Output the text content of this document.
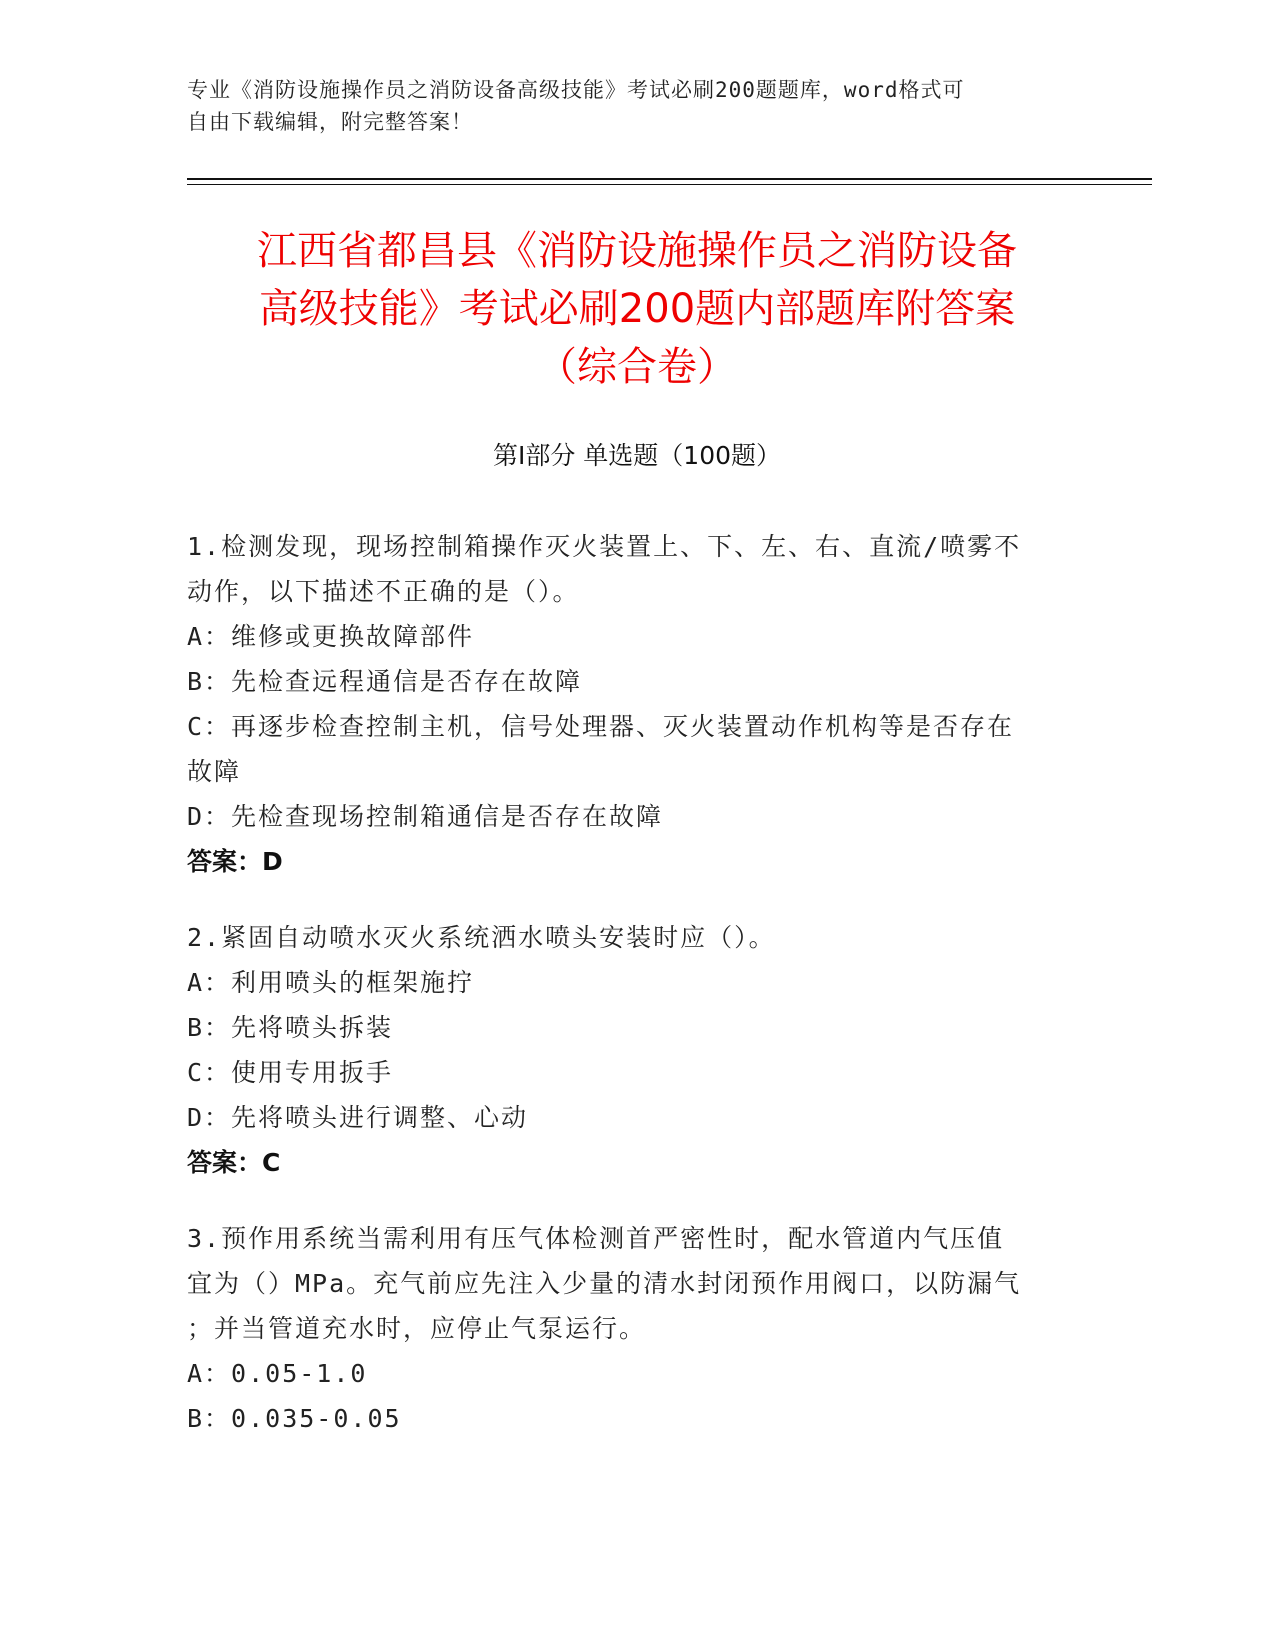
专业《消防设施操作员之消防设备高级技能》考试必刷200题题库，word格式可
自由下载编辑，附完整答案！
江西省都昌县《消防设施操作员之消防设备
高级技能》考试必刷200题内部题库附答案
（综合卷）
第Ⅰ部分 单选题（100题）
1.检测发现，现场控制箱操作灭火装置上、下、左、右、直流/喷雾不
动作，以下描述不正确的是（）。
A：维修或更换故障部件
B：先检查远程通信是否存在故障
C：再逐步检查控制主机，信号处理器、灭火装置动作机构等是否存在
故障
D：先检查现场控制箱通信是否存在故障
答案：D
2.紧固自动喷水灭火系统洒水喷头安装时应（）。
A：利用喷头的框架施拧
B：先将喷头拆装
C：使用专用扳手
D：先将喷头进行调整、心动
答案：C
3.预作用系统当需利用有压气体检测首严密性时，配水管道内气压值
宜为（）MPa。充气前应先注入少量的清水封闭预作用阀口，以防漏气
；并当管道充水时，应停止气泵运行。
A：0.05-1.0
B：0.035-0.05
